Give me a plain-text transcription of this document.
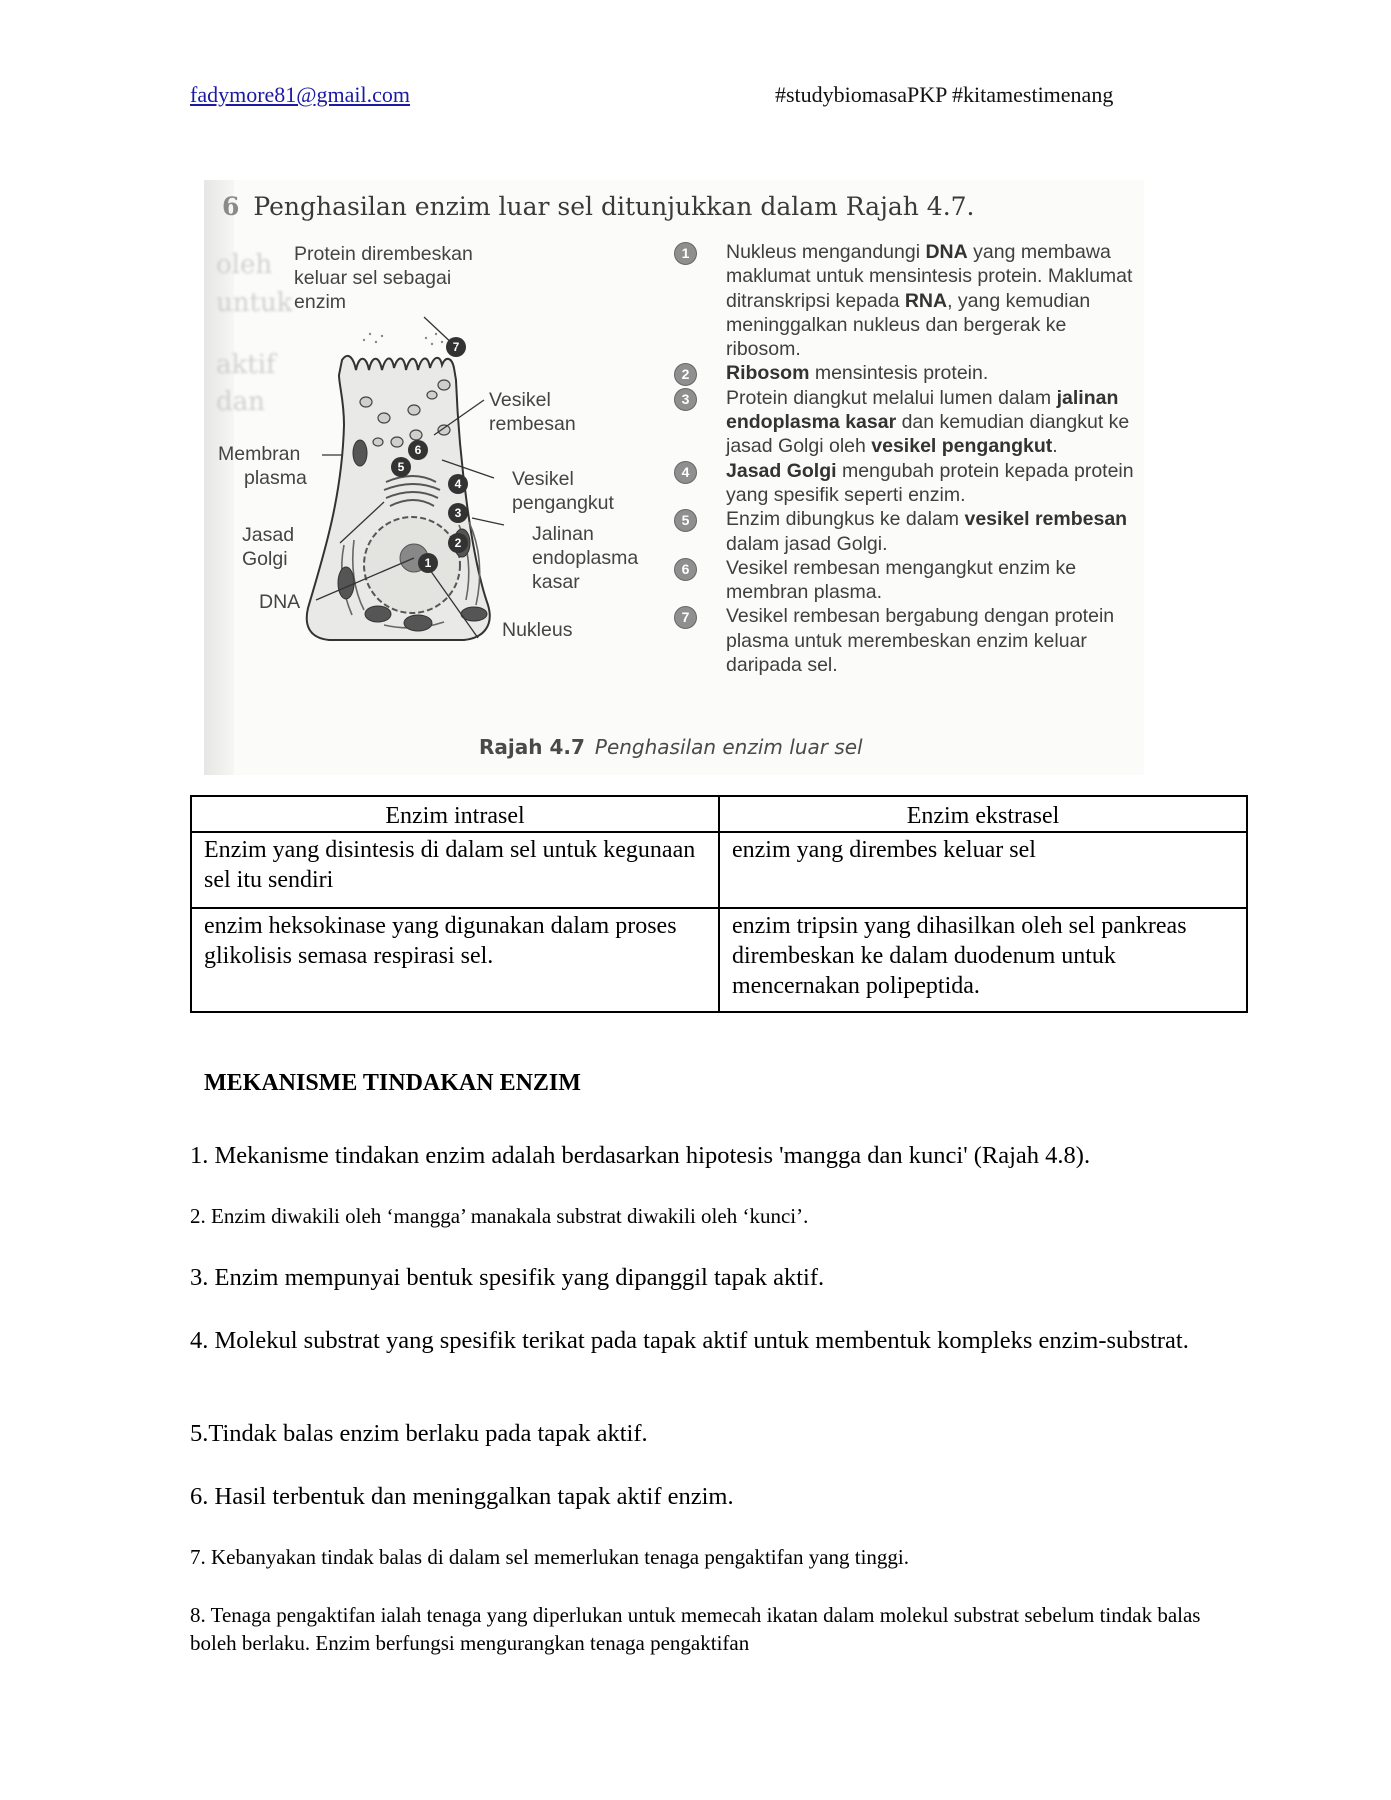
fadymore81@gmail.com	#studybiomasaPKP #kitamestimenang
oleh
untuk
aktif
dan
6 Penghasilan enzim luar sel ditunjukkan dalam Rajah 4.7.
7
6
5
4
3
2
1
Protein dirembeskan
keluar sel sebagai
enzim
Vesikel
rembesan
Membran
plasma	Vesikel
pengangkut
Jasad
Golgi
Jalinan
endoplasma
kasar
DNA
Nukleus
1	Nukleus mengandungi DNA yang membawa maklumat untuk mensintesis protein. Maklumat ditranskripsi kepada RNA, yang kemudian meninggalkan nukleus dan bergerak ke ribosom.
2	Ribosom mensintesis protein.
3	Protein diangkut melalui lumen dalam jalinan endoplasma kasar dan kemudian diangkut ke jasad Golgi oleh vesikel pengangkut.
4	Jasad Golgi mengubah protein kepada protein yang spesifik seperti enzim.
5	Enzim dibungkus ke dalam vesikel rembesan dalam jasad Golgi.
6	Vesikel rembesan mengangkut enzim ke membran plasma.
7	Vesikel rembesan bergabung dengan protein plasma untuk merembeskan enzim keluar daripada sel.
Rajah 4.7 Penghasilan enzim luar sel
Enzim intrasel	Enzim ekstrasel
Enzim yang disintesis di dalam sel untuk kegunaan sel itu sendiri	enzim yang dirembes keluar sel
enzim heksokinase yang digunakan dalam proses glikolisis semasa respirasi sel.	enzim tripsin yang dihasilkan oleh sel pankreas dirembeskan ke dalam duodenum untuk mencernakan polipeptida.
MEKANISME TINDAKAN ENZIM
1. Mekanisme tindakan enzim adalah berdasarkan hipotesis 'mangga dan kunci' (Rajah 4.8).
2. Enzim diwakili oleh ‘mangga’ manakala substrat diwakili oleh ‘kunci’.
3. Enzim mempunyai bentuk spesifik yang dipanggil tapak aktif.
4. Molekul substrat yang spesifik terikat pada tapak aktif untuk membentuk kompleks enzim-substrat.
5.Tindak balas enzim berlaku pada tapak aktif.
6. Hasil terbentuk dan meninggalkan tapak aktif enzim.
7. Kebanyakan tindak balas di dalam sel memerlukan tenaga pengaktifan yang tinggi.
8. Tenaga pengaktifan ialah tenaga yang diperlukan untuk memecah ikatan dalam molekul substrat sebelum tindak balas boleh berlaku. Enzim berfungsi mengurangkan tenaga pengaktifan
